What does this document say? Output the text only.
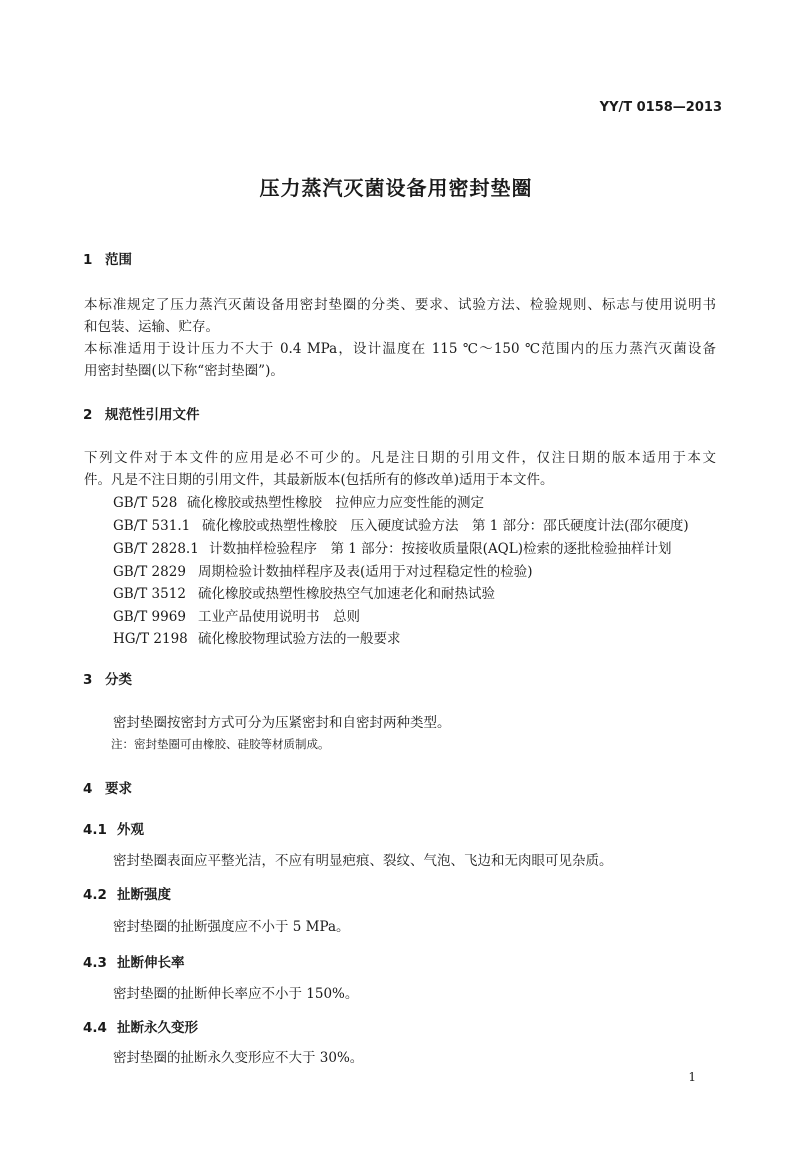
YY/T 0158—2013
压力蒸汽灭菌设备用密封垫圈
1 范围
本标准规定了压力蒸汽灭菌设备用密封垫圈的分类、要求、试验方法、检验规则、标志与使用说明书
和包装、运输、贮存。
本标准适用于设计压力不大于 0.4 MPa，设计温度在 115 ℃～150 ℃范围内的压力蒸汽灭菌设备
用密封垫圈(以下称“密封垫圈”)。
2 规范性引用文件
下列文件对于本文件的应用是必不可少的。凡是注日期的引用文件，仅注日期的版本适用于本文
件。凡是不注日期的引用文件，其最新版本(包括所有的修改单)适用于本文件。
GB/T 528 硫化橡胶或热塑性橡胶　拉伸应力应变性能的测定
GB/T 531.1 硫化橡胶或热塑性橡胶　压入硬度试验方法　第 1 部分：邵氏硬度计法(邵尔硬度)
GB/T 2828.1 计数抽样检验程序　第 1 部分：按接收质量限(AQL)检索的逐批检验抽样计划
GB/T 2829 周期检验计数抽样程序及表(适用于对过程稳定性的检验)
GB/T 3512 硫化橡胶或热塑性橡胶热空气加速老化和耐热试验
GB/T 9969 工业产品使用说明书　总则
HG/T 2198 硫化橡胶物理试验方法的一般要求
3 分类
密封垫圈按密封方式可分为压紧密封和自密封两种类型。
注：密封垫圈可由橡胶、硅胶等材质制成。
4 要求
4.1 外观
密封垫圈表面应平整光洁，不应有明显疤痕、裂纹、气泡、飞边和无肉眼可见杂质。
4.2 扯断强度
密封垫圈的扯断强度应不小于 5 MPa。
4.3 扯断伸长率
密封垫圈的扯断伸长率应不小于 150%。
4.4 扯断永久变形
密封垫圈的扯断永久变形应不大于 30%。
1
